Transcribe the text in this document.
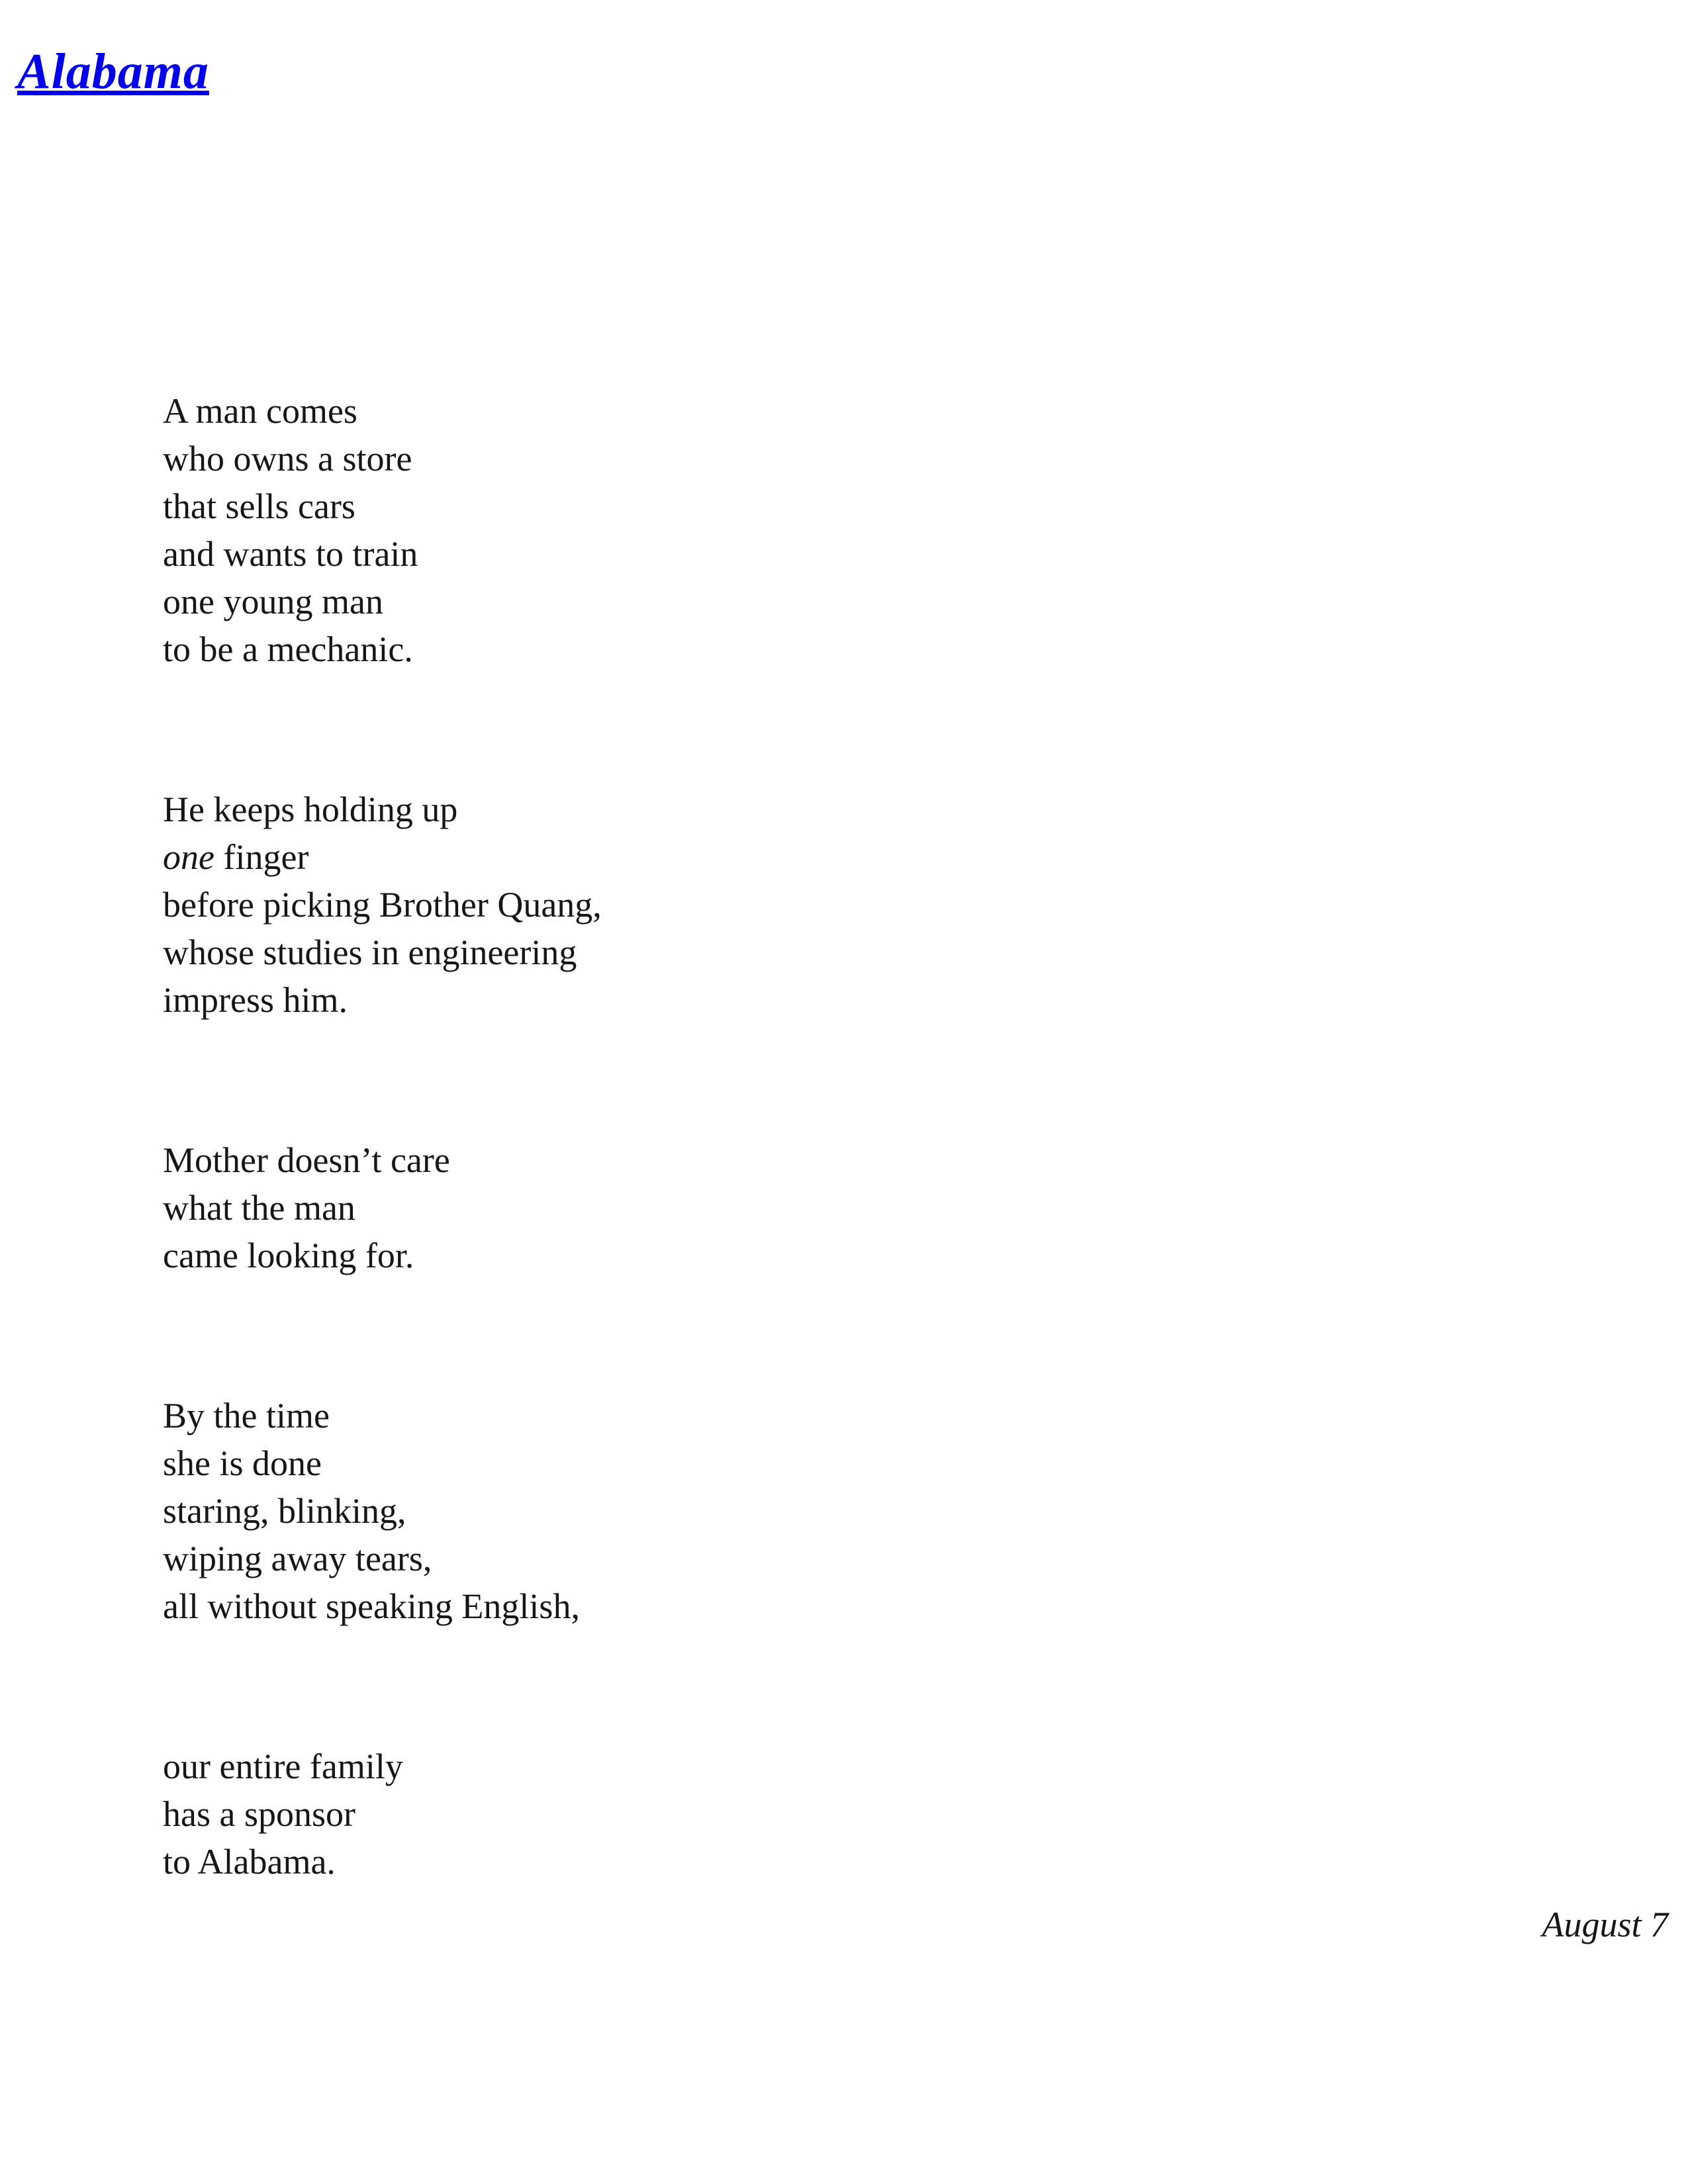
Alabama
A man comes
who owns a store
that sells cars
and wants to train
one young man
to be a mechanic.
He keeps holding up
one finger
before picking Brother Quang,
whose studies in engineering
impress him.
Mother doesn’t care
what the man
came looking for.
By the time
she is done
staring, blinking,
wiping away tears,
all without speaking English,
our entire family
has a sponsor
to Alabama.
August 7
